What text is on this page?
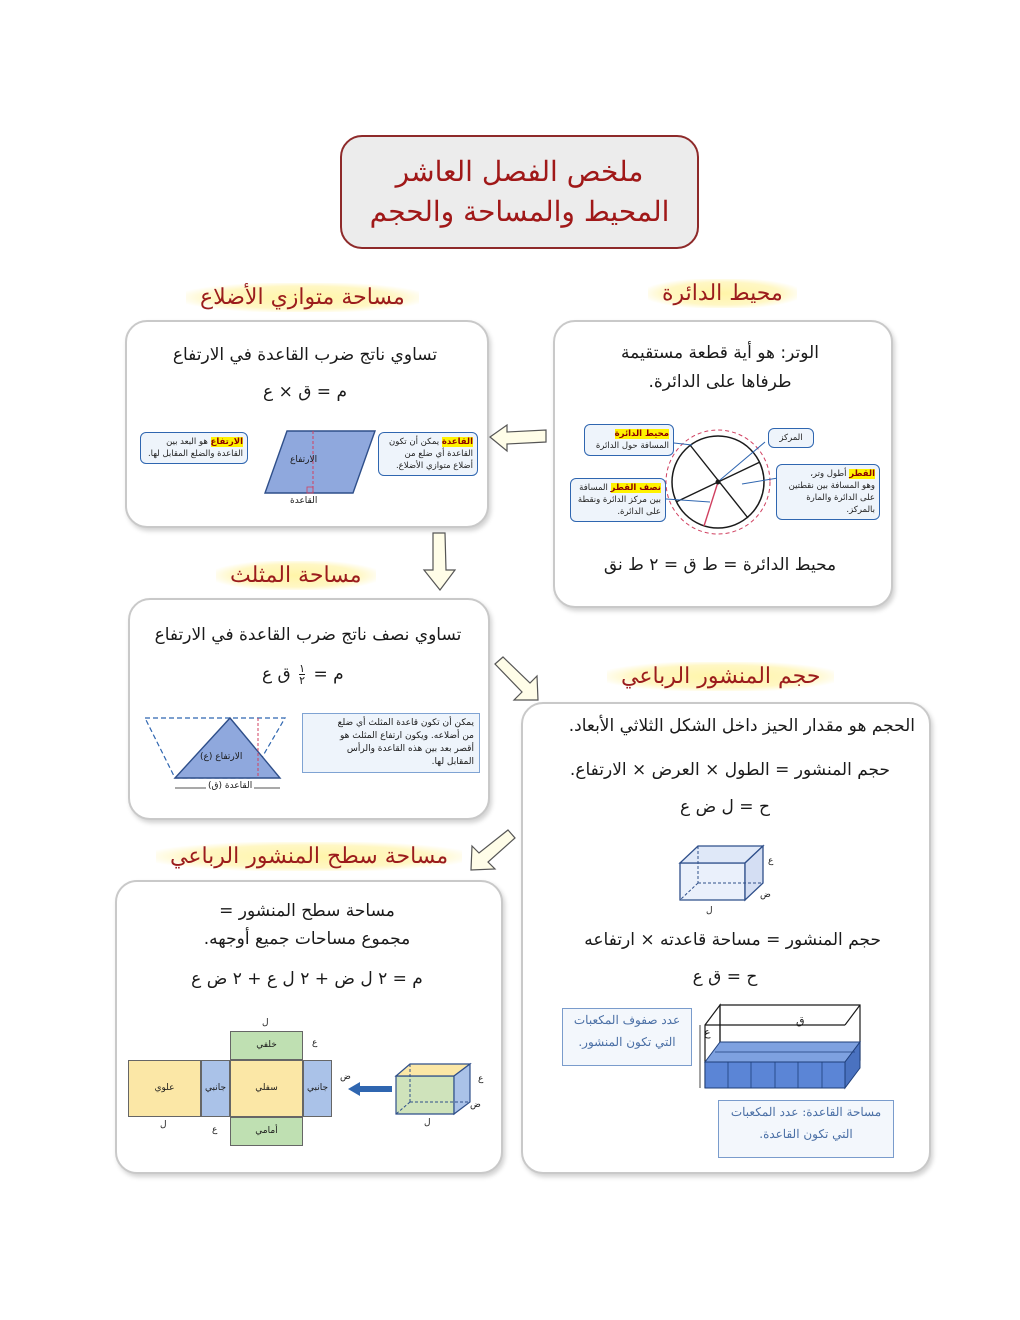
ملخص الفصل العاشر
المحيط والمساحة والحجم
محيط الدائرة
الوتر: هو أية قطعة مستقيمة
طرفاها على الدائرة.
المركز
محيط الدائرة
المسافة حول الدائرة
القطر أطول وتر،
وهو المسافة بين نقطتين
على الدائرة والمارة بالمركز.
نصف القطر المسافة
بين مركز الدائرة ونقطة
على الدائرة.
محيط الدائرة = ط ق = ٢ ط نق
مساحة متوازي الأضلاع
تساوي ناتج ضرب القاعدة في الارتفاع
م = ق × ع
الارتفاع
القاعدة
الارتفاع هو البعد بين
القاعدة والضلع المقابل لها.
القاعدة يمكن أن تكون
القاعدة أي ضلع من
أضلاع متوازي الأضلاع.
مساحة المثلث
تساوي نصف ناتج ضرب القاعدة في الارتفاع
م =
١
٢
ق ع
الارتفاع (ع)
القاعدة (ق)
يمكن أن تكون قاعدة المثلث أي ضلع
من أضلاعه. ويكون ارتفاع المثلث هو
أقصر بعد بين هذه القاعدة والرأس
المقابل لها.
حجم المنشور الرباعي
الحجم هو مقدار الحيز داخل الشكل الثلاثي الأبعاد.
حجم المنشور = الطول × العرض × الارتفاع.
ح = ل ض ع
ع
ض
ل
حجم المنشور = مساحة قاعدته × ارتفاعه
ح = ق ع
ق
ع
عدد صفوف المكعبات
التي تكون المنشور.
مساحة القاعدة: عدد المكعبات
التي تكون القاعدة.
مساحة سطح المنشور الرباعي
مساحة سطح المنشور =
مجموع مساحات جميع أوجهه.
م = ٢ ل ض + ٢ ل ع + ٢ ض ع
علوي	جانبي	سفلي	جانبي
خلفي
أمامي
ل
ع
ل	ع
ض	ع
ض
ل
